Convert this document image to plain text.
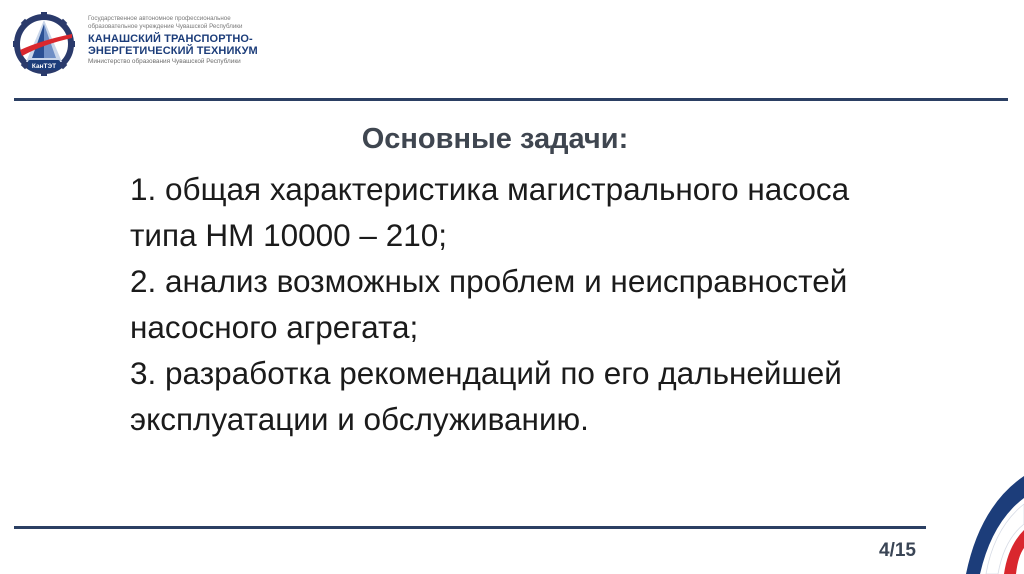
КанТЭТ
Государственное автономное профессиональное
образовательное учреждение Чувашской Республики
КАНАШСКИЙ ТРАНСПОРТНО-
ЭНЕРГЕТИЧЕСКИЙ ТЕХНИКУМ
Министерство образования Чувашской Республики
Основные задачи:

1. общая характеристика магистрального насоса

типа НМ 10000 – 210;

2. анализ возможных проблем и неисправностей

насосного агрегата;

3. разработка рекомендаций по его дальнейшей

эксплуатации и обслуживанию.

4/15
